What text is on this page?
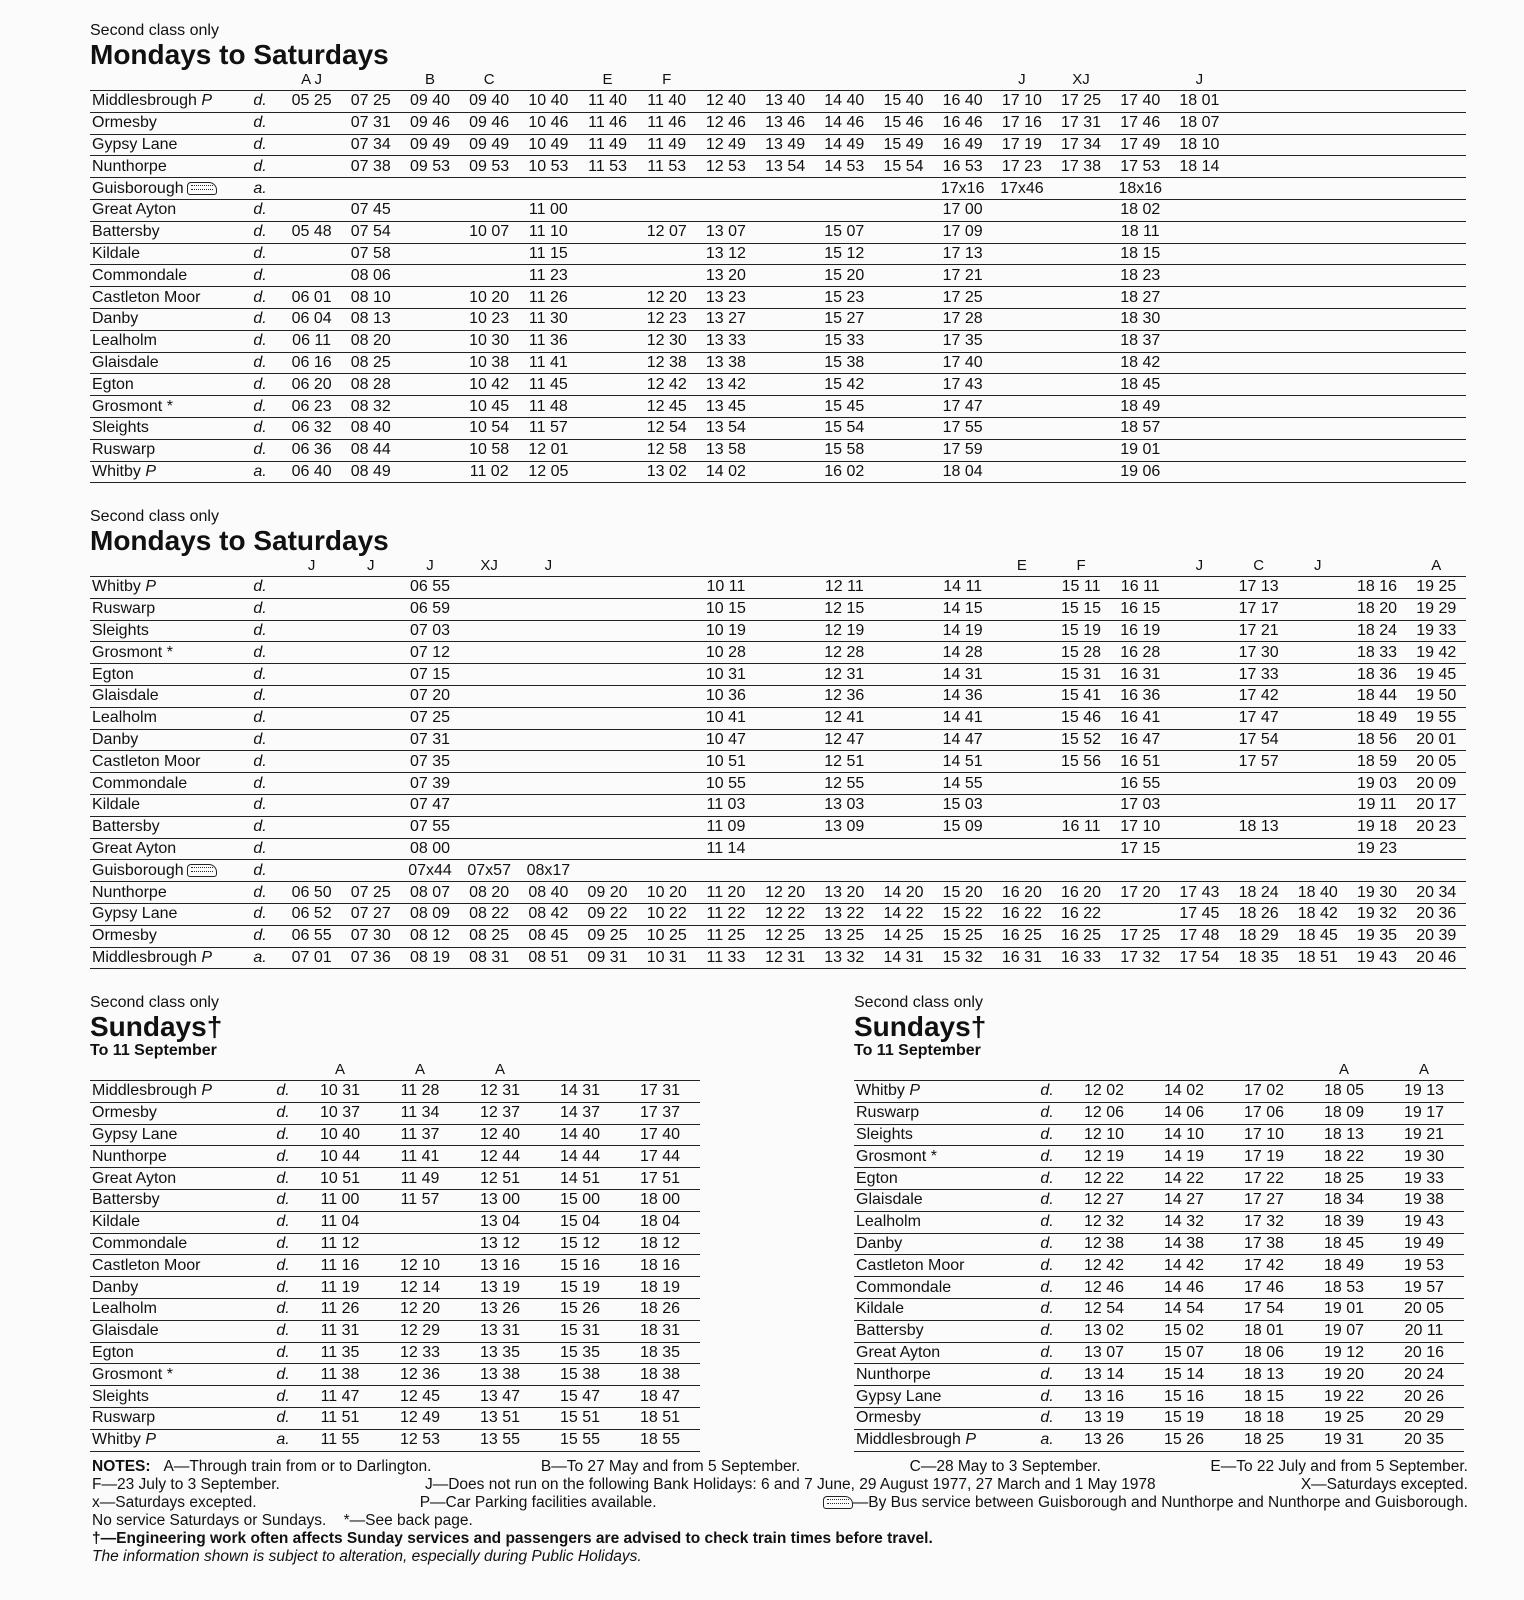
Second class only
Mondays to Saturdays
		A J		B	C		E	F						J	XJ		J				
Middlesbrough P	d.	05 25	07 25	09 40	09 40	10 40	11 40	11 40	12 40	13 40	14 40	15 40	16 40	17 10	17 25	17 40	18 01				
Ormesby	d.		07 31	09 46	09 46	10 46	11 46	11 46	12 46	13 46	14 46	15 46	16 46	17 16	17 31	17 46	18 07				
Gypsy Lane	d.		07 34	09 49	09 49	10 49	11 49	11 49	12 49	13 49	14 49	15 49	16 49	17 19	17 34	17 49	18 10				
Nunthorpe	d.		07 38	09 53	09 53	10 53	11 53	11 53	12 53	13 54	14 53	15 54	16 53	17 23	17 38	17 53	18 14				
Guisborough	a.												17x16	17x46		18x16					
Great Ayton	d.		07 45			11 00							17 00			18 02					
Battersby	d.	05 48	07 54		10 07	11 10		12 07	13 07		15 07		17 09			18 11					
Kildale	d.		07 58			11 15			13 12		15 12		17 13			18 15					
Commondale	d.		08 06			11 23			13 20		15 20		17 21			18 23					
Castleton Moor	d.	06 01	08 10		10 20	11 26		12 20	13 23		15 23		17 25			18 27					
Danby	d.	06 04	08 13		10 23	11 30		12 23	13 27		15 27		17 28			18 30					
Lealholm	d.	06 11	08 20		10 30	11 36		12 30	13 33		15 33		17 35			18 37					
Glaisdale	d.	06 16	08 25		10 38	11 41		12 38	13 38		15 38		17 40			18 42					
Egton	d.	06 20	08 28		10 42	11 45		12 42	13 42		15 42		17 43			18 45					
Grosmont *	d.	06 23	08 32		10 45	11 48		12 45	13 45		15 45		17 47			18 49					
Sleights	d.	06 32	08 40		10 54	11 57		12 54	13 54		15 54		17 55			18 57					
Ruswarp	d.	06 36	08 44		10 58	12 01		12 58	13 58		15 58		17 59			19 01					
Whitby P	a.	06 40	08 49		11 02	12 05		13 02	14 02		16 02		18 04			19 06					
Second class only
Mondays to Saturdays
		J	J	J	XJ	J								E	F		J	C	J		A
Whitby P	d.			06 55					10 11		12 11		14 11		15 11	16 11		17 13		18 16	19 25
Ruswarp	d.			06 59					10 15		12 15		14 15		15 15	16 15		17 17		18 20	19 29
Sleights	d.			07 03					10 19		12 19		14 19		15 19	16 19		17 21		18 24	19 33
Grosmont *	d.			07 12					10 28		12 28		14 28		15 28	16 28		17 30		18 33	19 42
Egton	d.			07 15					10 31		12 31		14 31		15 31	16 31		17 33		18 36	19 45
Glaisdale	d.			07 20					10 36		12 36		14 36		15 41	16 36		17 42		18 44	19 50
Lealholm	d.			07 25					10 41		12 41		14 41		15 46	16 41		17 47		18 49	19 55
Danby	d.			07 31					10 47		12 47		14 47		15 52	16 47		17 54		18 56	20 01
Castleton Moor	d.			07 35					10 51		12 51		14 51		15 56	16 51		17 57		18 59	20 05
Commondale	d.			07 39					10 55		12 55		14 55			16 55				19 03	20 09
Kildale	d.			07 47					11 03		13 03		15 03			17 03				19 11	20 17
Battersby	d.			07 55					11 09		13 09		15 09		16 11	17 10		18 13		19 18	20 23
Great Ayton	d.			08 00					11 14							17 15				19 23	
Guisborough	d.			07x44	07x57	08x17															
Nunthorpe	d.	06 50	07 25	08 07	08 20	08 40	09 20	10 20	11 20	12 20	13 20	14 20	15 20	16 20	16 20	17 20	17 43	18 24	18 40	19 30	20 34
Gypsy Lane	d.	06 52	07 27	08 09	08 22	08 42	09 22	10 22	11 22	12 22	13 22	14 22	15 22	16 22	16 22		17 45	18 26	18 42	19 32	20 36
Ormesby	d.	06 55	07 30	08 12	08 25	08 45	09 25	10 25	11 25	12 25	13 25	14 25	15 25	16 25	16 25	17 25	17 48	18 29	18 45	19 35	20 39
Middlesbrough P	a.	07 01	07 36	08 19	08 31	08 51	09 31	10 31	11 33	12 31	13 32	14 31	15 32	16 31	16 33	17 32	17 54	18 35	18 51	19 43	20 46
Second class only
Sundays†
To 11 September
		A	A	A		
Middlesbrough P	d.	10 31	11 28	12 31	14 31	17 31
Ormesby	d.	10 37	11 34	12 37	14 37	17 37
Gypsy Lane	d.	10 40	11 37	12 40	14 40	17 40
Nunthorpe	d.	10 44	11 41	12 44	14 44	17 44
Great Ayton	d.	10 51	11 49	12 51	14 51	17 51
Battersby	d.	11 00	11 57	13 00	15 00	18 00
Kildale	d.	11 04		13 04	15 04	18 04
Commondale	d.	11 12		13 12	15 12	18 12
Castleton Moor	d.	11 16	12 10	13 16	15 16	18 16
Danby	d.	11 19	12 14	13 19	15 19	18 19
Lealholm	d.	11 26	12 20	13 26	15 26	18 26
Glaisdale	d.	11 31	12 29	13 31	15 31	18 31
Egton	d.	11 35	12 33	13 35	15 35	18 35
Grosmont *	d.	11 38	12 36	13 38	15 38	18 38
Sleights	d.	11 47	12 45	13 47	15 47	18 47
Ruswarp	d.	11 51	12 49	13 51	15 51	18 51
Whitby P	a.	11 55	12 53	13 55	15 55	18 55
Second class only
Sundays†
To 11 September
					A	A
Whitby P	d.	12 02	14 02	17 02	18 05	19 13
Ruswarp	d.	12 06	14 06	17 06	18 09	19 17
Sleights	d.	12 10	14 10	17 10	18 13	19 21
Grosmont *	d.	12 19	14 19	17 19	18 22	19 30
Egton	d.	12 22	14 22	17 22	18 25	19 33
Glaisdale	d.	12 27	14 27	17 27	18 34	19 38
Lealholm	d.	12 32	14 32	17 32	18 39	19 43
Danby	d.	12 38	14 38	17 38	18 45	19 49
Castleton Moor	d.	12 42	14 42	17 42	18 49	19 53
Commondale	d.	12 46	14 46	17 46	18 53	19 57
Kildale	d.	12 54	14 54	17 54	19 01	20 05
Battersby	d.	13 02	15 02	18 01	19 07	20 11
Great Ayton	d.	13 07	15 07	18 06	19 12	20 16
Nunthorpe	d.	13 14	15 14	18 13	19 20	20 24
Gypsy Lane	d.	13 16	15 16	18 15	19 22	20 26
Ormesby	d.	13 19	15 19	18 18	19 25	20 29
Middlesbrough P	a.	13 26	15 26	18 25	19 31	20 35
NOTES: A—Through train from or to Darlington.	B—To 27 May and from 5 September.	C—28 May to 3 September.	E—To 22 July and from 5 September.
F—23 July to 3 September.	J—Does not run on the following Bank Holidays: 6 and 7 June, 29 August 1977, 27 March and 1 May 1978	X—Saturdays excepted.
x—Saturdays excepted.	P—Car Parking facilities available.	—By Bus service between Guisborough and Nunthorpe and Nunthorpe and Guisborough.
No service Saturdays or Sundays. *—See back page.
†—Engineering work often affects Sunday services and passengers are advised to check train times before travel.
The information shown is subject to alteration, especially during Public Holidays.
